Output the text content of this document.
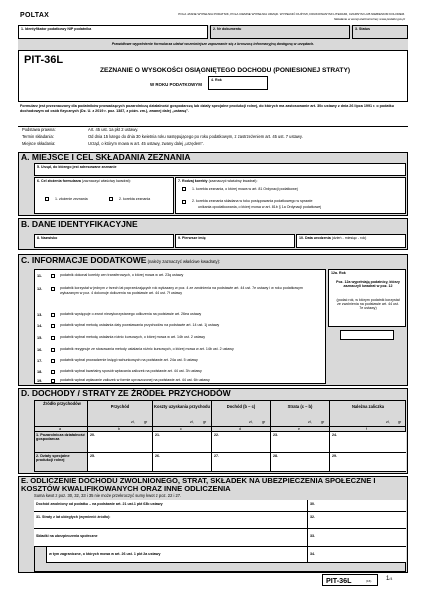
POLTAX	POLA JASNE WYPEŁNIA PODATNIK, POLA CIEMNE WYPEŁNIA URZĄD. WYPEŁNIĆ DUŻYMI, DRUKOWANYMI LITERAMI, CZARNYM LUB NIEBIESKIM KOLOREM.
Składanie w wersji elektronicznej: www.podatki.gov.pl
1. Identyfikator podatkowy NIP podatnika	2. Nr dokumentu	3. Status
Prawidłowe wypełnienie formularza ułatwi wcześniejsze zapoznanie się z broszurą informacyjną dostępną w urzędach.
PIT-36L
ZEZNANIE O WYSOKOŚCI OSIĄGNIĘTEGO DOCHODU (PONIESIONEJ STRATY)
W ROKU PODATKOWYM
4. Rok
Formularz jest przeznaczony dla podatników prowadzących pozarolniczą działalność gospodarczą lub działy specjalne produkcji rolnej, do których ma zastosowanie art. 30c ustawy z dnia 26 lipca 1991 r. o podatku dochodowym od osób fizycznych (Dz. U. z 2019 r. poz. 1387, z późn. zm.), zwanej dalej „ustawą”.
Podstawa prawna:	Art. 45 ust. 1a pkt 2 ustawy.
Termin składania:	Od dnia 15 lutego do dnia 30 kwietnia roku następującego po roku podatkowym, z zastrzeżeniem art. 45 ust. 7 ustawy.
Miejsce składania:	Urząd, o którym mowa w art. 45 ustawy, zwany dalej „urzędem”.
A. MIEJSCE I CEL SKŁADANIA ZEZNANIA
5. Urząd, do którego jest adresowane zeznanie
6. Cel złożenia formularza (zaznaczyć właściwy kwadrat):
1. złożenie zeznania	2. korekta zeznania
7. Rodzaj korekty (zaznaczyć właściwy kwadrat):
1. korekta zeznania, o której mowa w art. 81 Ordynacji podatkowej
2. korekta zeznania składana w toku postępowania podatkowego w sprawie
unikania opodatkowania, o której mowa w art. 81b § 1a Ordynacji podatkowej
B. DANE IDENTYFIKACYJNE
8. Nazwisko	9. Pierwsze imię	10. Data urodzenia (dzień - miesiąc - rok)
C. INFORMACJE DODATKOWE (należy zaznaczyć właściwe kwadraty):
11.	podatnik dokonał korekty cen transferowych, o której mowa w art. 23q ustawy
12.	podatnik korzystał w jednym z trzech lat poprzedzających rok wykazany w poz. 4 ze zwolnienia na podstawie art. 44 ust. 7e ustawy i w roku podatkowym wykazanym w poz. 4 dokonuje doliczenia na podstawie art. 44 ust. 7f ustawy
13.	podatnik występuje o zwrot niewykorzystanego odliczenia na podstawie art. 26ea ustawy
14.	podatnik wybrał metodę ustalania daty powstawania przychodów na podstawie art. 14 ust. 1j ustawy
15.	podatnik wybrał metodę ustalania różnic kursowych, o której mowa w art. 14b ust. 2 ustawy
16.	podatnik rezygnuje ze stosowania metody ustalania różnic kursowych, o której mowa w art. 14b ust. 2 ustawy
17.	podatnik wybrał prowadzenie księgi rachunkowych na podstawie art. 24a ust. 5 ustawy
18.	podatnik wybrał kwartalny sposób wpłacania zaliczek na podstawie art. 44 ust. 3h ustawy
19.	podatnik wybrał wpłacanie zaliczek w formie uproszczonej na podstawie art. 44 ust. 6b ustawy
12a. Rok
Poz. 12a wypełniają podatnicy, którzy zaznaczyli kwadrat w poz. 12
(podać rok, w którym podatnik korzystał ze zwolnienia na podstawie art. 44 ust. 7e ustawy)
D. DOCHODY / STRATY ZE ŹRÓDEŁ PRZYCHODÓW
Źródło przychodów
Przychód	Koszty uzyskania przychodu	Dochód (b – c)	Strata (c – b)	Należna zaliczka
zł,	gr	zł,	gr	zł,	gr	zł,	gr	zł, gr
a	b	c	d	e	f
1. Pozarolnicza działalność gospodarcza
20.	21.	22.	23.	24.
2. Działy specjalne produkcji rolnej
25.	26.	27.	28.	29.
E. ODLICZENIE DOCHODU ZWOLNIONEGO, STRAT, SKŁADEK NA UBEZPIECZENIA SPOŁECZNE I KOSZTÓW KWALIFIKOWANYCH ORAZ INNE ODLICZENIA
Suma kwot z poz. 30, 32, 33 i 35 nie może przekroczyć sumy kwot z poz. 22 i 27.
Dochód zwolniony od podatku – na podstawie art. 21 ust.1 pkt 63b ustawy	30.
31. Straty z lat ubiegłych (wymienić źródło):	32.
Składki na ubezpieczenia społeczne	33.
w tym zagraniczne, o których mowa w art. 26 ust. 1 pkt 2a ustawy	34.
PIT-36L	(16) 1/4
